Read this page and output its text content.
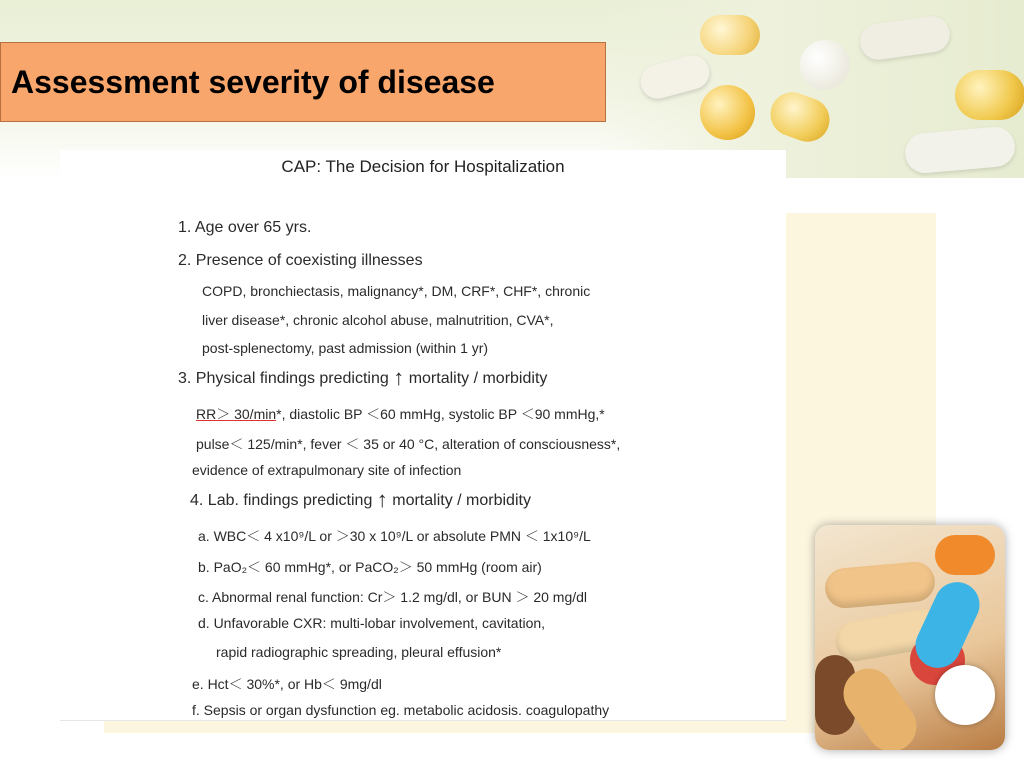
Assessment severity of disease
CAP: The Decision for Hospitalization
1. Age over 65 yrs.
2. Presence of coexisting illnesses
COPD, bronchiectasis, malignancy*, DM, CRF*, CHF*, chronic
liver disease*, chronic alcohol abuse, malnutrition, CVA*,
post-splenectomy, past admission (within 1 yr)
3. Physical findings predicting ↑ mortality / morbidity
RR＞ 30/min*, diastolic BP ＜60 mmHg, systolic BP ＜90 mmHg,*
pulse＜ 125/min*, fever ＜ 35 or 40 °C, alteration of consciousness*,
evidence of extrapulmonary site of infection
4. Lab. findings predicting ↑ mortality / morbidity
a. WBC＜ 4 x10⁹/L or ＞30 x 10⁹/L or absolute PMN ＜ 1x10⁹/L
b. PaO₂＜ 60 mmHg*, or PaCO₂＞ 50 mmHg (room air)
c. Abnormal renal function: Cr＞ 1.2 mg/dl, or BUN ＞ 20 mg/dl
d. Unfavorable CXR: multi-lobar involvement, cavitation,
rapid radiographic spreading, pleural effusion*
e. Hct＜ 30%*, or Hb＜ 9mg/dl
f. Sepsis or organ dysfunction eg. metabolic acidosis. coagulopathy
